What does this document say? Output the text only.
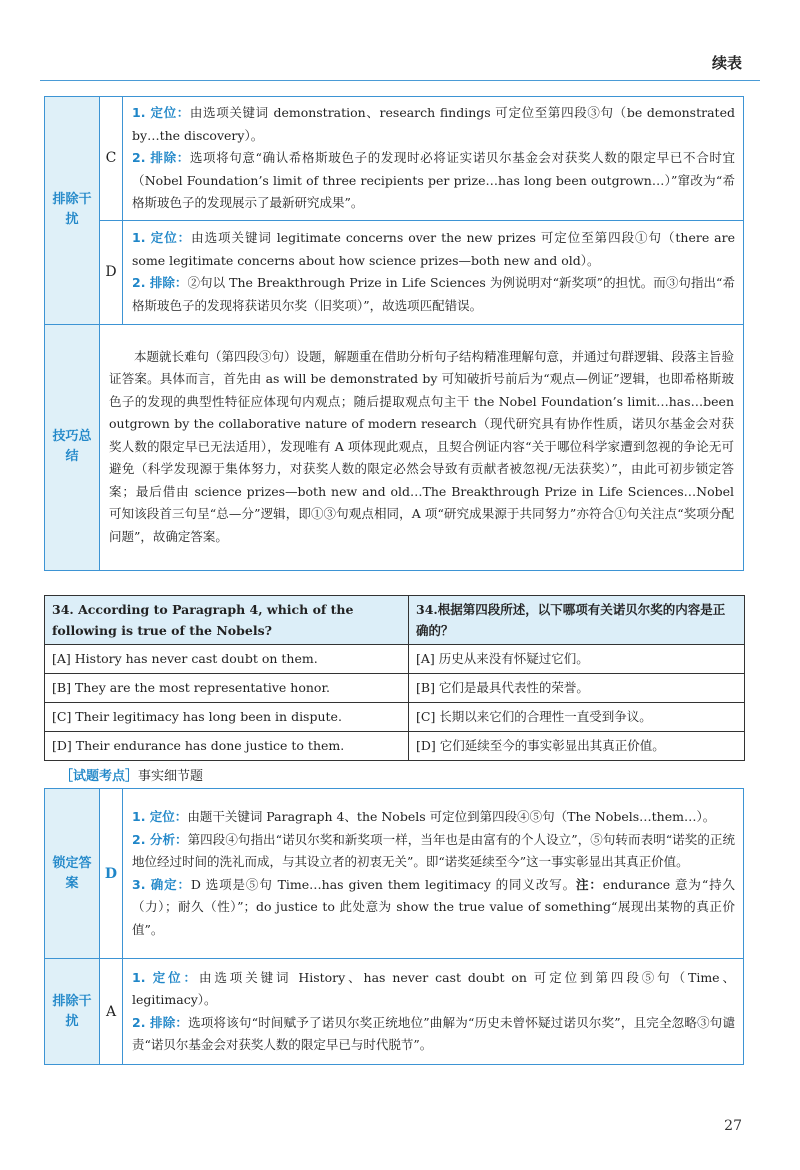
续表
排除干扰	C	1. 定位：由选项关键词 demonstration、research findings 可定位至第四段③句（be demonstrated by…the discovery）。

2. 排除：选项将句意“确认希格斯玻色子的发现时必将证实诺贝尔基金会对获奖人数的限定早已不合时宜（Nobel Foundation’s limit of three recipients per prize…has long been outgrown…）”窜改为“希格斯玻色子的发现展示了最新研究成果”。

	D	1. 定位：由选项关键词 legitimate concerns over the new prizes 可定位至第四段①句（there are some legitimate concerns about how science prizes—both new and old）。

2. 排除：②句以 The Breakthrough Prize in Life Sciences 为例说明对“新奖项”的担忧。而③句指出“希格斯玻色子的发现将获诺贝尔奖（旧奖项）”，故选项匹配错误。

技巧总结	本题就长难句（第四段③句）设题，解题重在借助分析句子结构精准理解句意，并通过句群逻辑、段落主旨验证答案。具体而言，首先由 as will be demonstrated by 可知破折号前后为“观点—例证”逻辑，也即希格斯玻色子的发现的典型性特征应体现句内观点；随后提取观点句主干 the Nobel Foundation’s limit…has…been outgrown by the collaborative nature of modern research（现代研究具有协作性质，诺贝尔基金会对获奖人数的限定早已无法适用），发现唯有 A 项体现此观点，且契合例证内容“关于哪位科学家遭到忽视的争论无可避免（科学发现源于集体努力，对获奖人数的限定必然会导致有贡献者被忽视/无法获奖）”，由此可初步锁定答案；最后借由 science prizes—both new and old…The Breakthrough Prize in Life Sciences…Nobel 可知该段首三句呈“总—分”逻辑，即①③句观点相同，A 项“研究成果源于共同努力”亦符合①句关注点“奖项分配问题”，故确定答案。	

34. According to Paragraph 4, which of the following is true of the Nobels?	34.根据第四段所述，以下哪项有关诺贝尔奖的内容是正确的？
[A] History has never cast doubt on them.	[A] 历史从来没有怀疑过它们。
[B] They are the most representative honor.	[B] 它们是最具代表性的荣誉。
[C] Their legitimacy has long been in dispute.	[C] 长期以来它们的合理性一直受到争议。
[D] Their endurance has done justice to them.	[D] 它们延续至今的事实彰显出其真正价值。
［试题考点］事实细节题
锁定答案	D	1. 定位：由题干关键词 Paragraph 4、the Nobels 可定位到第四段④⑤句（The Nobels…them…）。

2. 分析：第四段④句指出“诺贝尔奖和新奖项一样，当年也是由富有的个人设立”，⑤句转而表明“诺奖的正统地位经过时间的洗礼而成，与其设立者的初衷无关”。即“诺奖延续至今”这一事实彰显出其真正价值。

3. 确定：D 选项是⑤句 Time…has given them legitimacy 的同义改写。注：endurance 意为“持久（力）；耐久（性）”；do justice to 此处意为 show the true value of something“展现出某物的真正价值”。

排除干扰	A	1. 定位：由选项关键词 History、has never cast doubt on 可定位到第四段⑤句（Time、legitimacy）。

2. 排除：选项将该句“时间赋予了诺贝尔奖正统地位”曲解为“历史未曾怀疑过诺贝尔奖”，且完全忽略③句谴责“诺贝尔基金会对获奖人数的限定早已与时代脱节”。

27
